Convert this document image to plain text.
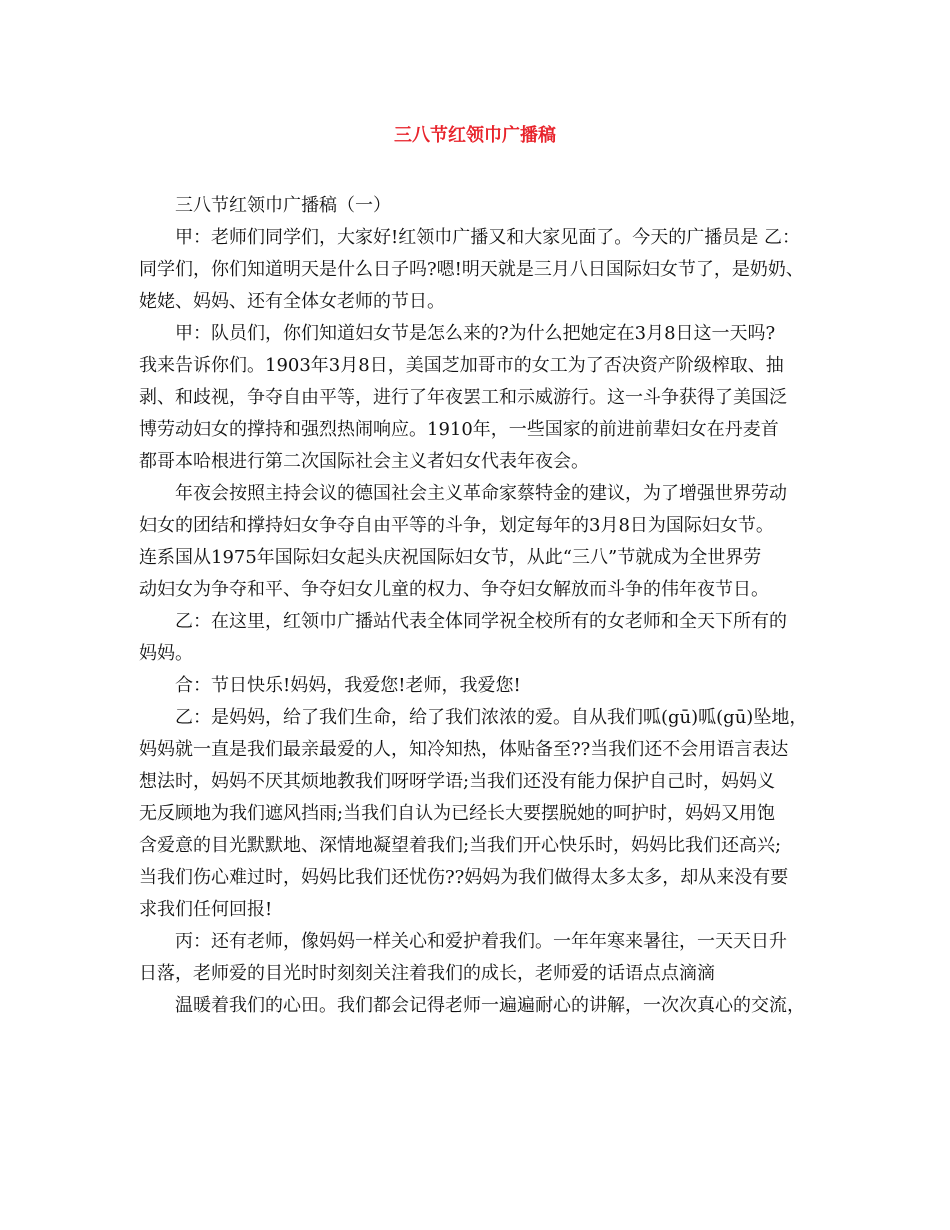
三八节红领巾广播稿
三八节红领巾广播稿（一）
甲：老师们同学们，大家好!红领巾广播又和大家见面了。今天的广播员是 乙：
同学们，你们知道明天是什么日子吗?嗯!明天就是三月八日国际妇女节了，是奶奶、
姥姥、妈妈、还有全体女老师的节日。
甲：队员们，你们知道妇女节是怎么来的?为什么把她定在3月8日这一天吗?
我来告诉你们。1903年3月8日，美国芝加哥市的女工为了否决资产阶级榨取、抽
剥、和歧视，争夺自由平等，进行了年夜罢工和示威游行。这一斗争获得了美国泛
博劳动妇女的撑持和强烈热闹响应。1910年，一些国家的前进前辈妇女在丹麦首
都哥本哈根进行第二次国际社会主义者妇女代表年夜会。
年夜会按照主持会议的德国社会主义革命家蔡特金的建议，为了增强世界劳动
妇女的团结和撑持妇女争夺自由平等的斗争，划定每年的3月8日为国际妇女节。
连系国从1975年国际妇女起头庆祝国际妇女节，从此“三八”节就成为全世界劳
动妇女为争夺和平、争夺妇女儿童的权力、争夺妇女解放而斗争的伟年夜节日。
乙：在这里，红领巾广播站代表全体同学祝全校所有的女老师和全天下所有的
妈妈。
合：节日快乐!妈妈，我爱您!老师，我爱您!
乙：是妈妈，给了我们生命，给了我们浓浓的爱。自从我们呱(gū)呱(gū)坠地，
妈妈就一直是我们最亲最爱的人，知冷知热，体贴备至??当我们还不会用语言表达
想法时，妈妈不厌其烦地教我们呀呀学语;当我们还没有能力保护自己时，妈妈义
无反顾地为我们遮风挡雨;当我们自认为已经长大要摆脱她的呵护时，妈妈又用饱
含爱意的目光默默地、深情地凝望着我们;当我们开心快乐时，妈妈比我们还高兴;
当我们伤心难过时，妈妈比我们还忧伤??妈妈为我们做得太多太多，却从来没有要
求我们任何回报!
丙：还有老师，像妈妈一样关心和爱护着我们。一年年寒来暑往，一天天日升
日落，老师爱的目光时时刻刻关注着我们的成长，老师爱的话语点点滴滴
温暖着我们的心田。我们都会记得老师一遍遍耐心的讲解，一次次真心的交流，
